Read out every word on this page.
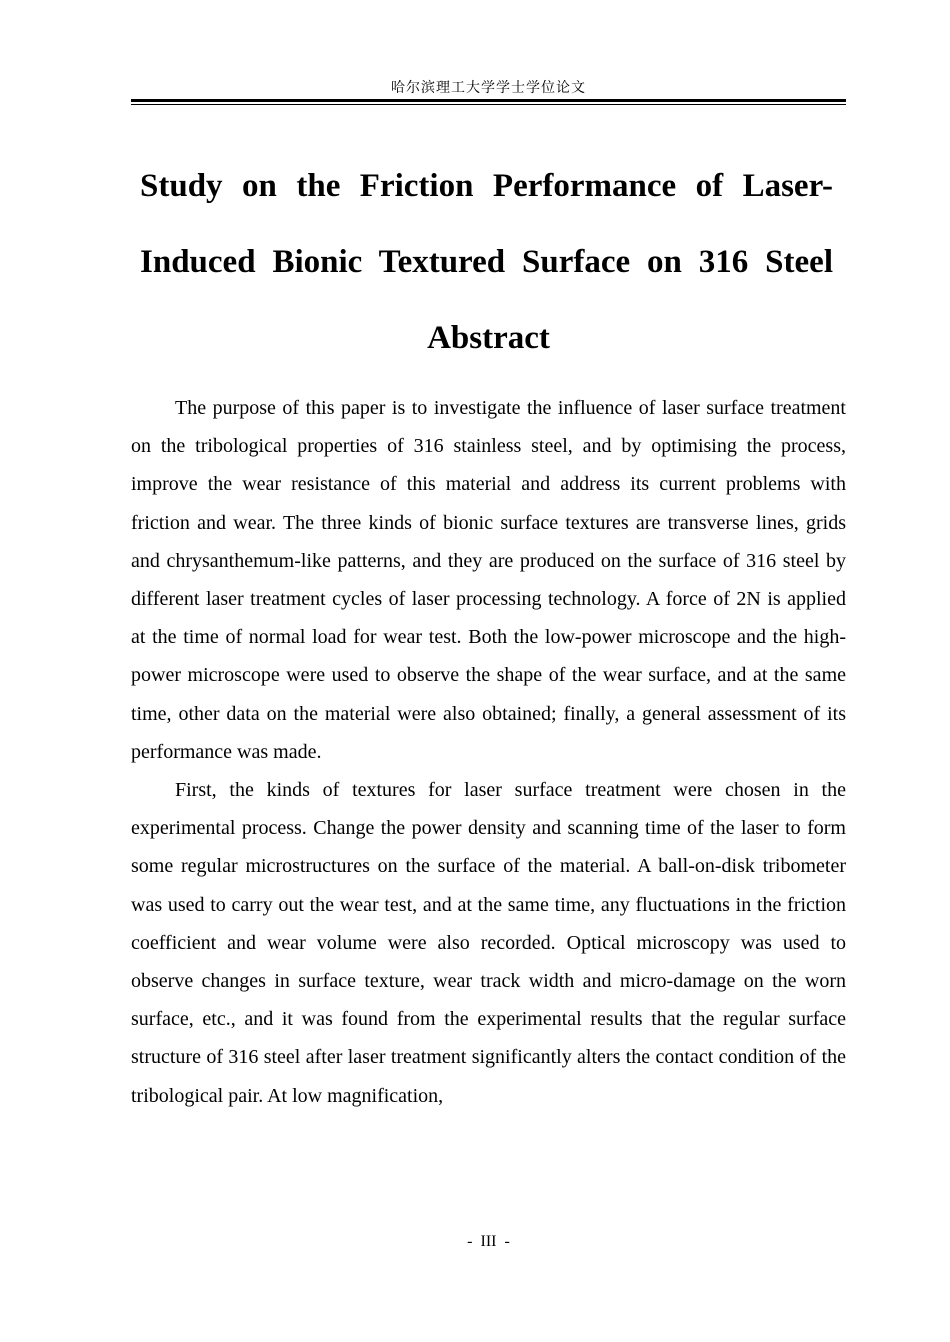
哈尔滨理工大学学士学位论文
Study on the Friction Performance of Laser-
Induced Bionic Textured Surface on 316 Steel
Abstract

The purpose of this paper is to investigate the influence of laser surface treatment on the tribological properties of 316 stainless steel, and by optimising the process, improve the wear resistance of this material and address its current problems with friction and wear. The three kinds of bionic surface textures are transverse lines, grids and chrysanthemum-like patterns, and they are produced on the surface of 316 steel by different laser treatment cycles of laser processing technology. A force of 2N is applied at the time of normal load for wear test. Both the low-power microscope and the high-power microscope were used to observe the shape of the wear surface, and at the same time, other data on the material were also obtained; finally, a general assessment of its performance was made.

First, the kinds of textures for laser surface treatment were chosen in the experimental process. Change the power density and scanning time of the laser to form some regular microstructures on the surface of the material. A ball-on-disk tribometer was used to carry out the wear test, and at the same time, any fluctuations in the friction coefficient and wear volume were also recorded. Optical microscopy was used to observe changes in surface texture, wear track width and micro-damage on the worn surface, etc., and it was found from the experimental results that the regular surface structure of 316 steel after laser treatment significantly alters the contact condition of the tribological pair. At low magnification,

- III -
